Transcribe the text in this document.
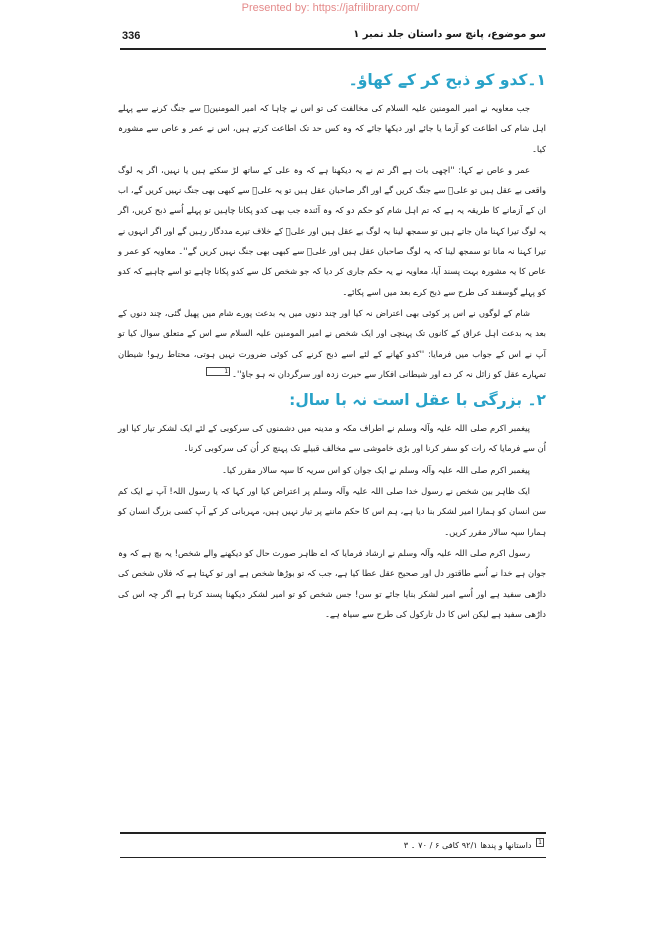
Presented by: https://jafrilibrary.com/
336	سو موضوع، پانچ سو داستان جلد نمبر ۱
۱۔کدو کو ذبح کر کے کھاؤ۔

جب معاویہ نے امیر المومنین علیہ السلام کی مخالفت کی تو اس نے چاہا کہ امیر المومنینؑ سے جنگ کرنے سے پہلے اہل شام کی اطاعت کو آزما یا جائے اور دیکھا جائے کہ وہ کس حد تک اطاعت کرتے ہیں، اس نے عمر و عاص سے مشورہ کیا۔

عمر و عاص نے کہا: ''اچھی بات ہے اگر تم نے یہ دیکھنا ہے کہ وہ علی کے ساتھ لڑ سکتے ہیں یا نہیں، اگر یہ لوگ واقعی بے عقل ہیں تو علیؑ سے جنگ کریں گے اور اگر صاحبان عقل ہیں تو یہ علیؑ سے کبھی بھی جنگ نہیں کریں گے، اب ان کے آزمانے کا طریقہ یہ ہے کہ تم اہل شام کو حکم دو کہ وہ آئندہ جب بھی کدو پکانا چاہیں تو پہلے اُسے ذبح کریں، اگر یہ لوگ تیرا کہنا مان جاتے ہیں تو سمجھ لینا یہ لوگ بے عقل ہیں اور علیؑ کے خلاف تیرے مددگار رہیں گے اور اگر انہوں نے تیرا کہنا نہ مانا تو سمجھ لینا کہ یہ لوگ صاحبان عقل ہیں اور علیؑ سے کبھی بھی جنگ نہیں کریں گے''۔ معاویہ کو عمر و عاص کا یہ مشورہ بہت پسند آیا، معاویہ نے یہ حکم جاری کر دیا کہ جو شخص کل سے کدو پکانا چاہے تو اسے چاہیے کہ کدو کو پہلے گوسفند کی طرح سے ذبح کرے بعد میں اسے پکائے۔

شام کے لوگوں نے اس پر کوئی بھی اعتراض نہ کیا اور چند دنوں میں یہ بدعت پورے شام میں پھیل گئی، چند دنوں کے بعد یہ بدعت اہل عراق کے کانوں تک پہنچی اور ایک شخص نے امیر المومنین علیہ السلام سے اس کے متعلق سوال کیا تو آپ نے اس کے جواب میں فرمایا: ''کدو کھانے کے لئے اسے ذبح کرنے کی کوئی ضرورت نہیں ہوتی، محتاط رہو! شیطان تمہارے عقل کو زائل نہ کر دے اور شیطانی افکار سے حیرت زدہ اور سرگردان نہ ہو جاؤ''۔1

۲۔ بزرگی با عقل است نہ با سال:

پیغمبر اکرم صلی اللہ علیہ وآلہ وسلم نے اطراف مکہ و مدینہ میں دشمنوں کی سرکوبی کے لئے ایک لشکر تیار کیا اور اُن سے فرمایا کہ رات کو سفر کرنا اور بڑی خاموشی سے مخالف قبیلے تک پہنچ کر اُن کی سرکوبی کرنا۔

پیغمبر اکرم صلی اللہ علیہ وآلہ وسلم نے ایک جوان کو اس سریہ کا سپہ سالار مقرر کیا۔

ایک ظاہر بین شخص نے رسول خدا صلی اللہ علیہ وآلہ وسلم پر اعتراض کیا اور کہا کہ یا رسول اللہ! آپ نے ایک کم سن انسان کو ہمارا امیر لشکر بنا دیا ہے، ہم اس کا حکم ماننے پر تیار نہیں ہیں، مہربانی کر کے آپ کسی بزرگ انسان کو ہمارا سپہ سالار مقرر کریں۔

رسول اکرم صلی اللہ علیہ وآلہ وسلم نے ارشاد فرمایا کہ اے ظاہر صورت حال کو دیکھنے والے شخص! یہ بچ ہے کہ وہ جوان ہے خدا نے اُسے طاقتور دل اور صحیح عقل عطا کیا ہے، جب کہ تو بوڑھا شخص ہے اور تو کہتا ہے کہ فلاں شخص کی داڑھی سفید ہے اور اُسے امیر لشکر بنایا جائے تو سن! جس شخص کو تو امیر لشکر دیکھنا پسند کرتا ہے اگر چہ اس کی داڑھی سفید ہے لیکن اس کا دل تارکول کی طرح سے سیاہ ہے۔

1 داستانھا و پندھا ۹۲/۱ کافی ۶ / ۷۰ ۔ ۳
